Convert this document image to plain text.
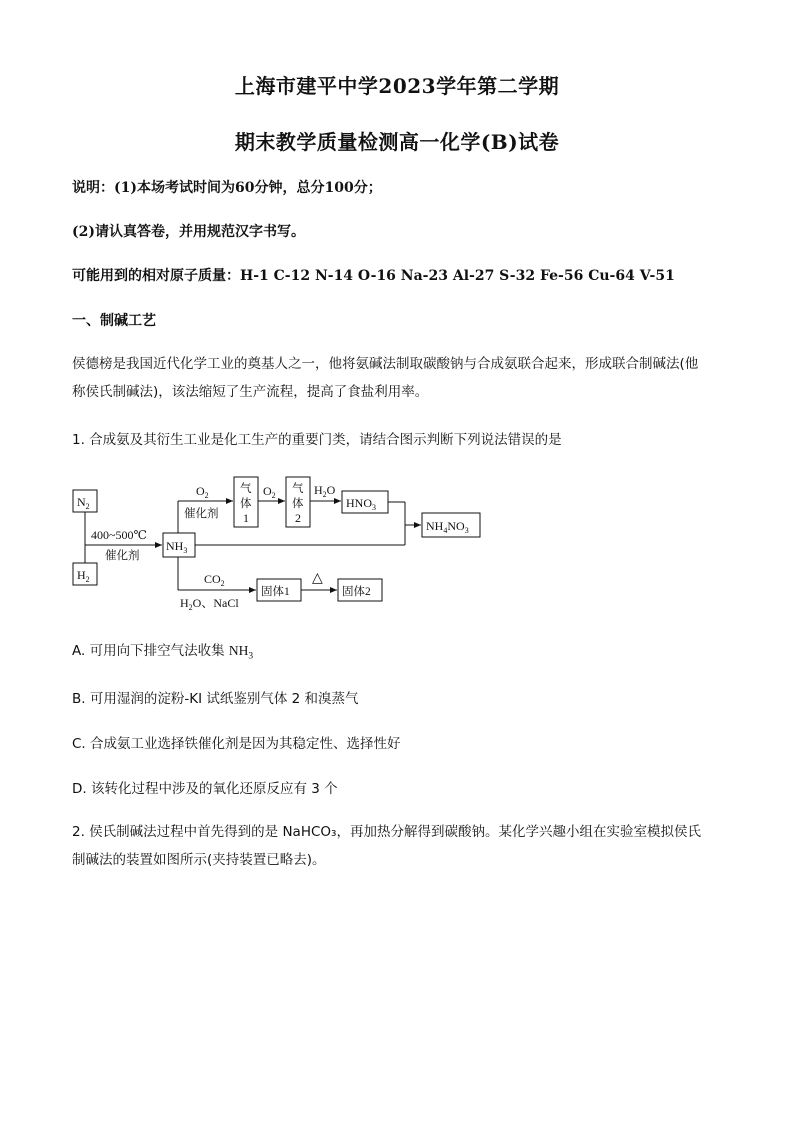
上海市建平中学2023学年第二学期
期末教学质量检测高一化学(B)试卷
说明：(1)本场考试时间为60分钟，总分100分；
(2)请认真答卷，并用规范汉字书写。
可能用到的相对原子质量：H-1 C-12 N-14 O-16 Na-23 Al-27 S-32 Fe-56 Cu-64 V-51
一、制碱工艺
侯德榜是我国近代化学工业的奠基人之一，他将氨碱法制取碳酸钠与合成氨联合起来，形成联合制碱法(他
称侯氏制碱法)，该法缩短了生产流程，提高了食盐利用率。
1. 合成氨及其衍生工业是化工生产的重要门类，请结合图示判断下列说法错误的是
$N_2$
$H_2$
400~500℃
催化剂
$NH_3$
$O_2$
催化剂
气
体
1
$O_2$
气
体
2
$H_2O$
$HNO_3$
$NH_4NO_3$
$CO_2$
$H_2O$、NaCl
固体1
△
固体2
A. 可用向下排空气法收集 $NH_3$
B. 可用湿润的淀粉-KI 试纸鉴别气体 2 和溴蒸气
C. 合成氨工业选择铁催化剂是因为其稳定性、选择性好
D. 该转化过程中涉及的氧化还原反应有 3 个
2. 侯氏制碱法过程中首先得到的是 NaHCO₃，再加热分解得到碳酸钠。某化学兴趣小组在实验室模拟侯氏
制碱法的装置如图所示(夹持装置已略去)。
